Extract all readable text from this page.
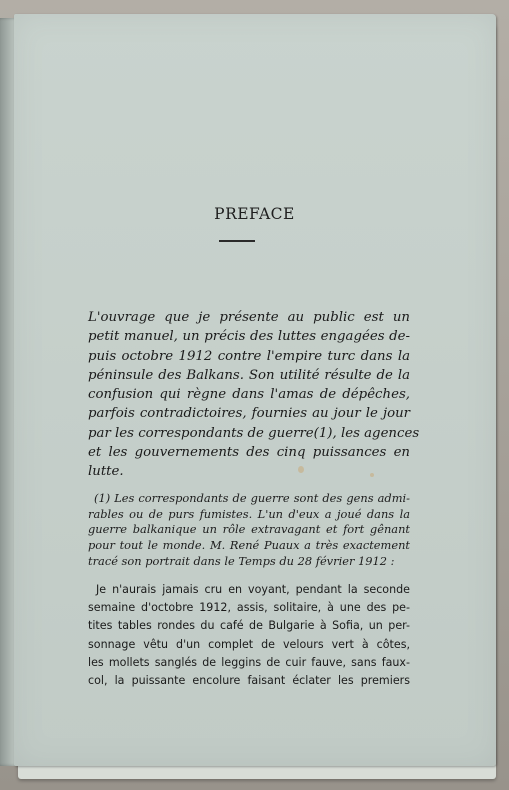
PREFACE
L'ouvrage que je présente au public est un
petit manuel, un précis des luttes engagées de-
puis octobre 1912 contre l'empire turc dans la
péninsule des Balkans. Son utilité résulte de la
confusion qui règne dans l'amas de dépêches,
parfois contradictoires, fournies au jour le jour
par les correspondants de guerre(1), les agences
et les gouvernements des cinq puissances en
lutte.
(1) Les correspondants de guerre sont des gens admi-
rables ou de purs fumistes. L'un d'eux a joué dans la
guerre balkanique un rôle extravagant et fort gênant
pour tout le monde. M. René Puaux a très exactement
tracé son portrait dans le Temps du 28 février 1912 :
Je n'aurais jamais cru en voyant, pendant la seconde
semaine d'octobre 1912, assis, solitaire, à une des pe-
tites tables rondes du café de Bulgarie à Sofia, un per-
sonnage vêtu d'un complet de velours vert à côtes,
les mollets sanglés de leggins de cuir fauve, sans faux-
col, la puissante encolure faisant éclater les premiers
